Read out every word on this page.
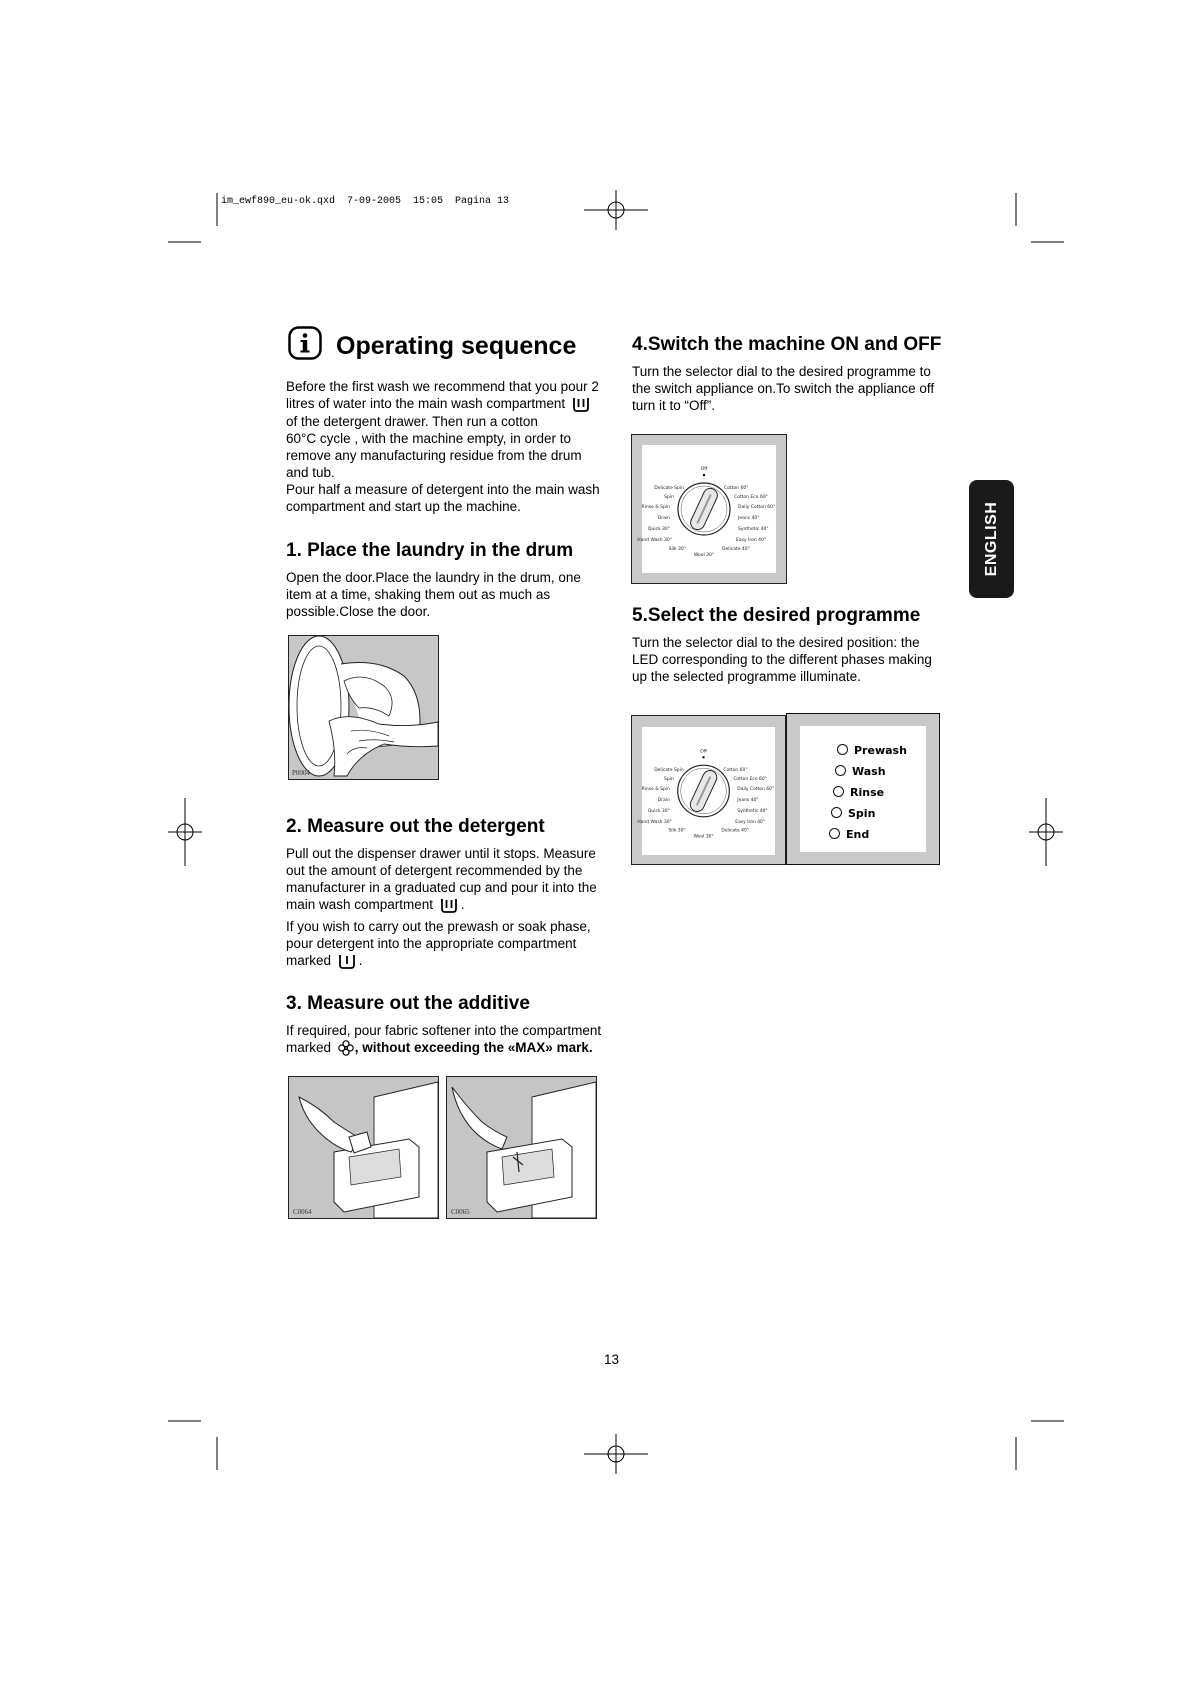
im_ewf890_eu-ok.qxd  7-09-2005  15:05  Pagina 13
Operating sequence
Before the first wash we recommend that you pour 2
litres of water into the main wash compartment
of the detergent drawer. Then run a cotton
60°C cycle , with the machine empty, in order to
remove any manufacturing residue from the drum
and tub.
Pour half a measure of detergent into the main wash
compartment and start up the machine.
1. Place the laundry in the drum
Open the door.Place the laundry in the drum, one
item at a time, shaking them out as much as
possible.Close the door.
P0004
2. Measure out the detergent
Pull out the dispenser drawer until it stops. Measure
out the amount of detergent recommended by the
manufacturer in a graduated cup and pour it into the
main wash compartment .
If you wish to carry out the prewash or soak phase,
pour detergent into the appropriate compartment
marked .
3. Measure out the additive
If required, pour fabric softener into the compartment
marked , without exceeding the «MAX» mark.
C0064	C0065
4.Switch the machine ON and OFF
Turn the selector dial to the desired programme to
the switch appliance on.To switch the appliance off
turn it to “Off”.
Off
Delicate Spin
Spin
Rinse & Spin
Drain
Quick 30°
Hand Wash 30°
Silk 30°
Cotton 60°
Cotton Eco 60°
Daily Cotton 60°
Jeans 40°
Synthetic 40°
Easy Iron 40°
Delicate 40°
Wool 30°
5.Select the desired programme
Turn the selector dial to the desired position: the
LED corresponding to the different phases making
up the selected programme illuminate.
Off
Delicate Spin
Spin
Rinse & Spin
Drain
Quick 30°
Hand Wash 30°
Silk 30°
Cotton 60°
Cotton Eco 60°
Daily Cotton 60°
Jeans 40°
Synthetic 40°
Easy Iron 40°
Delicate 40°
Wool 30°
Prewash
Wash
Rinse
Spin
End
ENGLISH
13
